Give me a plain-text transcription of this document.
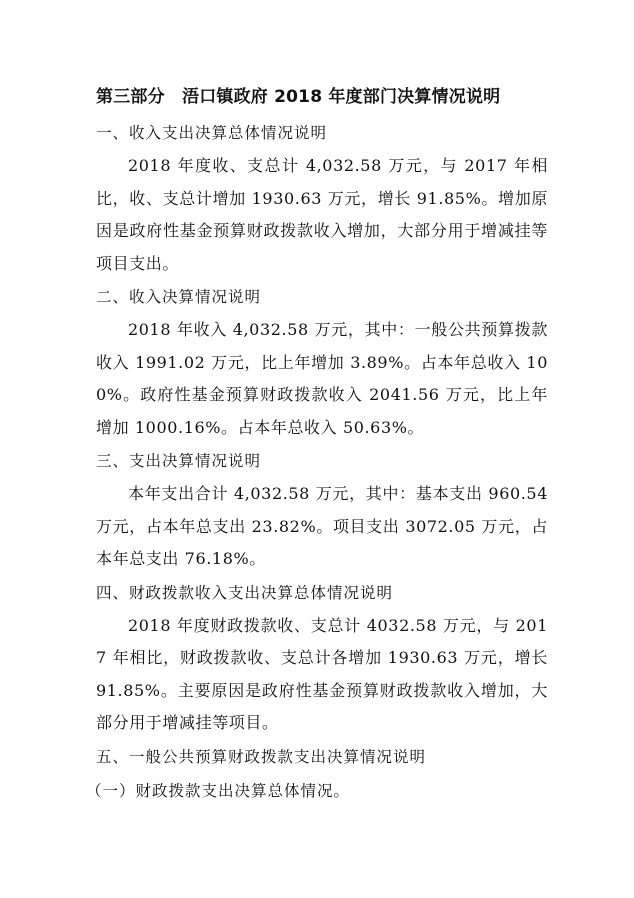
第三部分　浯口镇政府 2018 年度部门决算情况说明
一、收入支出决算总体情况说明

2018 年度收、支总计 4,032.58 万元，与 2017 年相比，收、支总计增加 1930.63 万元，增长 91.85%。增加原因是政府性基金预算财政拨款收入增加，大部分用于增减挂等项目支出。

二、收入决算情况说明

2018 年收入 4,032.58 万元，其中：一般公共预算拨款收入 1991.02 万元，比上年增加 3.89%。占本年总收入 100%。政府性基金预算财政拨款收入 2041.56 万元，比上年增加 1000.16%。占本年总收入 50.63%。

三、支出决算情况说明

本年支出合计 4,032.58 万元，其中：基本支出 960.54 万元，占本年总支出 23.82%。项目支出 3072.05 万元，占本年总支出 76.18%。

四、财政拨款收入支出决算总体情况说明

2018 年度财政拨款收、支总计 4032.58 万元，与 2017 年相比，财政拨款收、支总计各增加 1930.63 万元，增长 91.85%。主要原因是政府性基金预算财政拨款收入增加，大部分用于增减挂等项目。

五、一般公共预算财政拨款支出决算情况说明
（一）财政拨款支出决算总体情况。
